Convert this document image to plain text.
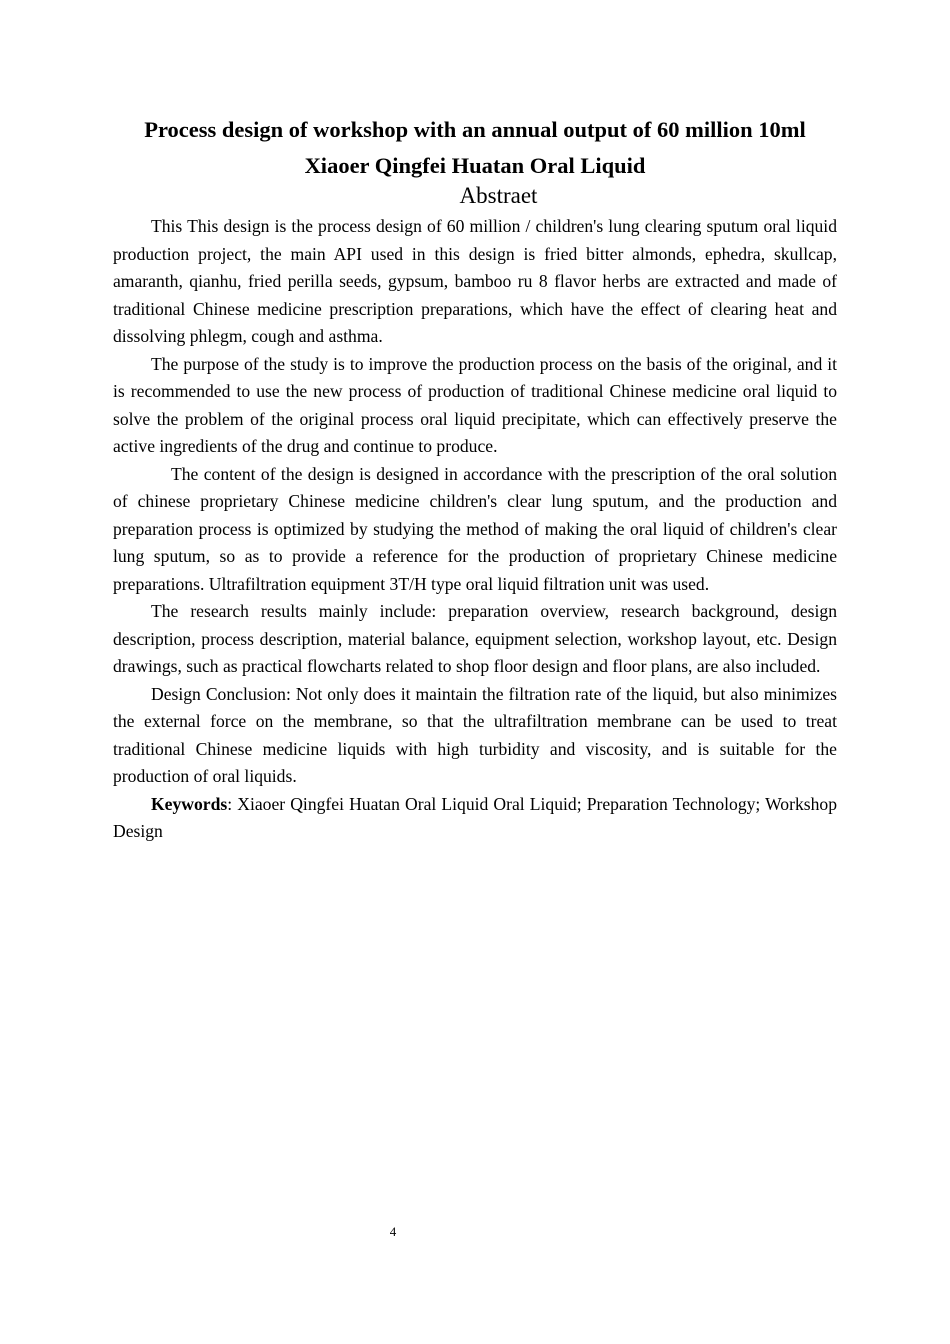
Process design of workshop with an annual output of 60 million 10ml
Xiaoer Qingfei Huatan Oral Liquid
Abstraet

This This design is the process design of 60 million / children's lung clearing sputum oral liquid production project, the main API used in this design is fried bitter almonds, ephedra, skullcap, amaranth, qianhu, fried perilla seeds, gypsum, bamboo ru 8 flavor herbs are extracted and made of traditional Chinese medicine prescription preparations, which have the effect of clearing heat and dissolving phlegm, cough and asthma.

The purpose of the study is to improve the production process on the basis of the original, and it is recommended to use the new process of production of traditional Chinese medicine oral liquid to solve the problem of the original process oral liquid precipitate, which can effectively preserve the active ingredients of the drug and continue to produce.

The content of the design is designed in accordance with the prescription of the oral solution of chinese proprietary Chinese medicine children's clear lung sputum, and the production and preparation process is optimized by studying the method of making the oral liquid of children's clear lung sputum, so as to provide a reference for the production of proprietary Chinese medicine preparations. Ultrafiltration equipment 3T/H type oral liquid filtration unit was used.

The research results mainly include: preparation overview, research background, design description, process description, material balance, equipment selection, workshop layout, etc. Design drawings, such as practical flowcharts related to shop floor design and floor plans, are also included.

Design Conclusion: Not only does it maintain the filtration rate of the liquid, but also minimizes the external force on the membrane, so that the ultrafiltration membrane can be used to treat traditional Chinese medicine liquids with high turbidity and viscosity, and is suitable for the production of oral liquids.

Keywords: Xiaoer Qingfei Huatan Oral Liquid Oral Liquid; Preparation Technology; Workshop Design

4
